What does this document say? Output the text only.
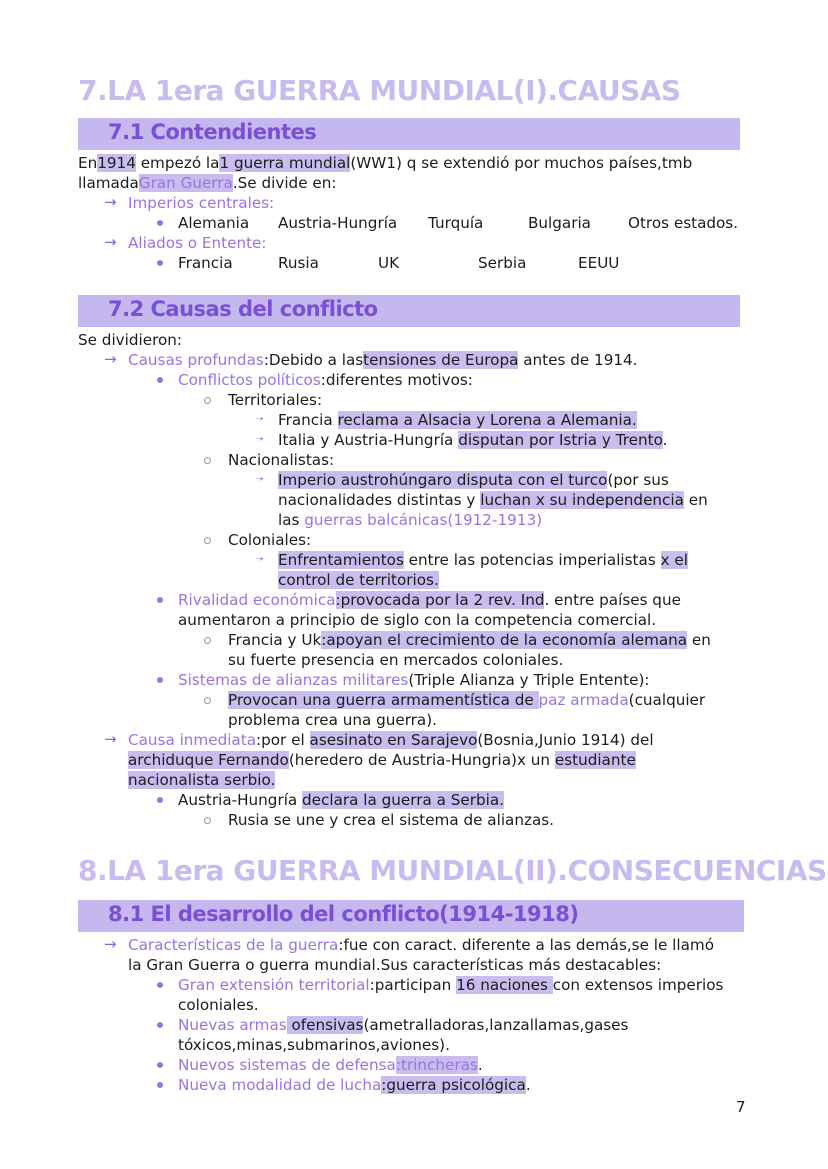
7.LA 1era GUERRA MUNDIAL(I).CAUSAS
7.1 Contendientes
En1914 empezó la1 guerra mundial(WW1) q se extendió por muchos países,tmb
llamadaGran Guerra.Se divide en:
→ Imperios centrales:
Alemania Austria-Hungría Turquía	Bulgaria Otros estados.
→ Aliados o Entente:
Francia	Rusia	UK	Serbia	EEUU
7.2 Causas del conflicto
Se dividieron:
→ Causas profundas:Debido a lastensiones de Europa antes de 1914.
Conflictos políticos:diferentes motivos:
Territoriales:
➝ Francia reclama a Alsacia y Lorena a Alemania.
➝ Italia y Austria-Hungría disputan por Istria y Trento.
Nacionalistas:
➝ Imperio austrohúngaro disputa con el turco(por sus
nacionalidades distintas y luchan x su independencia en
las guerras balcánicas(1912-1913)
Coloniales:
➝ Enfrentamientos entre las potencias imperialistas x el
control de territorios.
Rivalidad económica:provocada por la 2 rev. Ind. entre países que
aumentaron a principio de siglo con la competencia comercial.
Francia y Uk:apoyan el crecimiento de la economía alemana en
su fuerte presencia en mercados coloniales.
Sistemas de alianzas militares(Triple Alianza y Triple Entente):
Provocan una guerra armamentística de paz armada(cualquier
problema crea una guerra).
→ Causa inmediata:por el asesinato en Sarajevo(Bosnia,Junio 1914) del
archiduque Fernando(heredero de Austria-Hungria)x un estudiante
nacionalista serbio.
Austria-Hungría declara la guerra a Serbia.
Rusia se une y crea el sistema de alianzas.
8.LA 1era GUERRA MUNDIAL(II).CONSECUENCIAS
8.1 El desarrollo del conflicto(1914-1918)
→ Características de la guerra:fue con caract. diferente a las demás,se le llamó
la Gran Guerra o guerra mundial.Sus características más destacables:
Gran extensión territorial:participan 16 naciones con extensos imperios
coloniales.
Nuevas armas ofensivas(ametralladoras,lanzallamas,gases
tóxicos,minas,submarinos,aviones).
Nuevos sistemas de defensa:trincheras.
Nueva modalidad de lucha:guerra psicológica.
7
